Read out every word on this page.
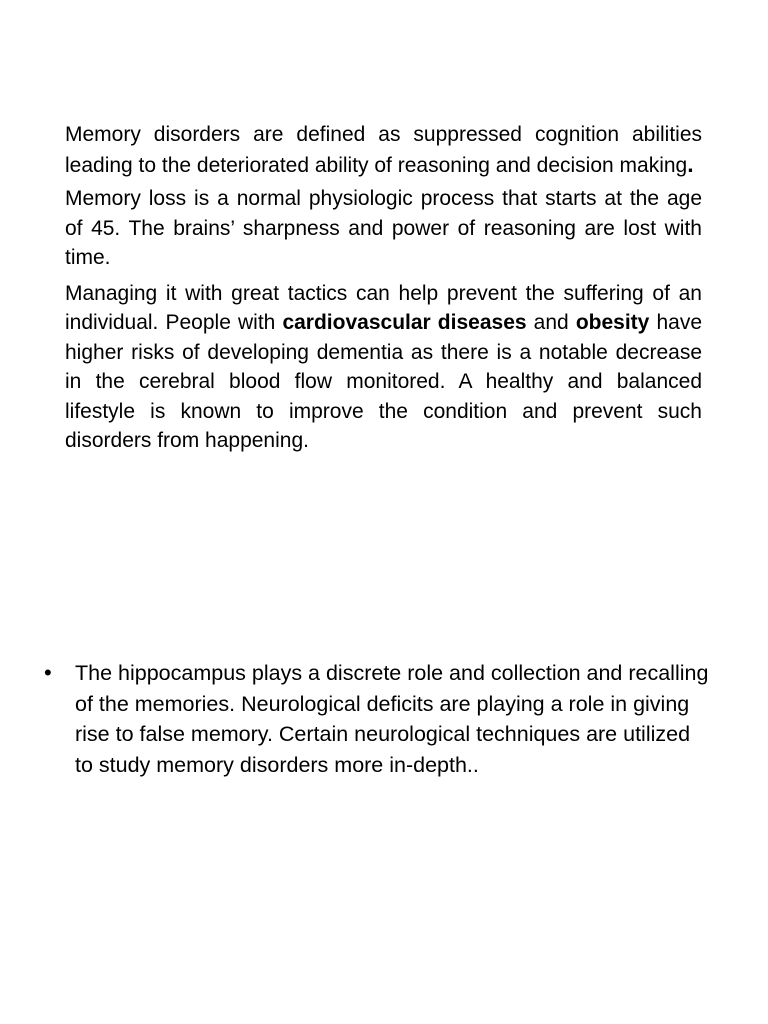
Memory disorders are defined as suppressed cognition abilities leading to the deteriorated ability of reasoning and decision making.

Memory loss is a normal physiologic process that starts at the age of 45. The brains’ sharpness and power of reasoning are lost with time.

Managing it with great tactics can help prevent the suffering of an individual. People with cardiovascular diseases and obesity have higher risks of developing dementia as there is a notable decrease in the cerebral blood flow monitored. A healthy and balanced lifestyle is known to improve the condition and prevent such disorders from happening.

•	The hippocampus plays a discrete role and collection and recalling of the memories. Neurological deficits are playing a role in giving rise to false memory. Certain neurological techniques are utilized to study memory disorders more in-depth..
